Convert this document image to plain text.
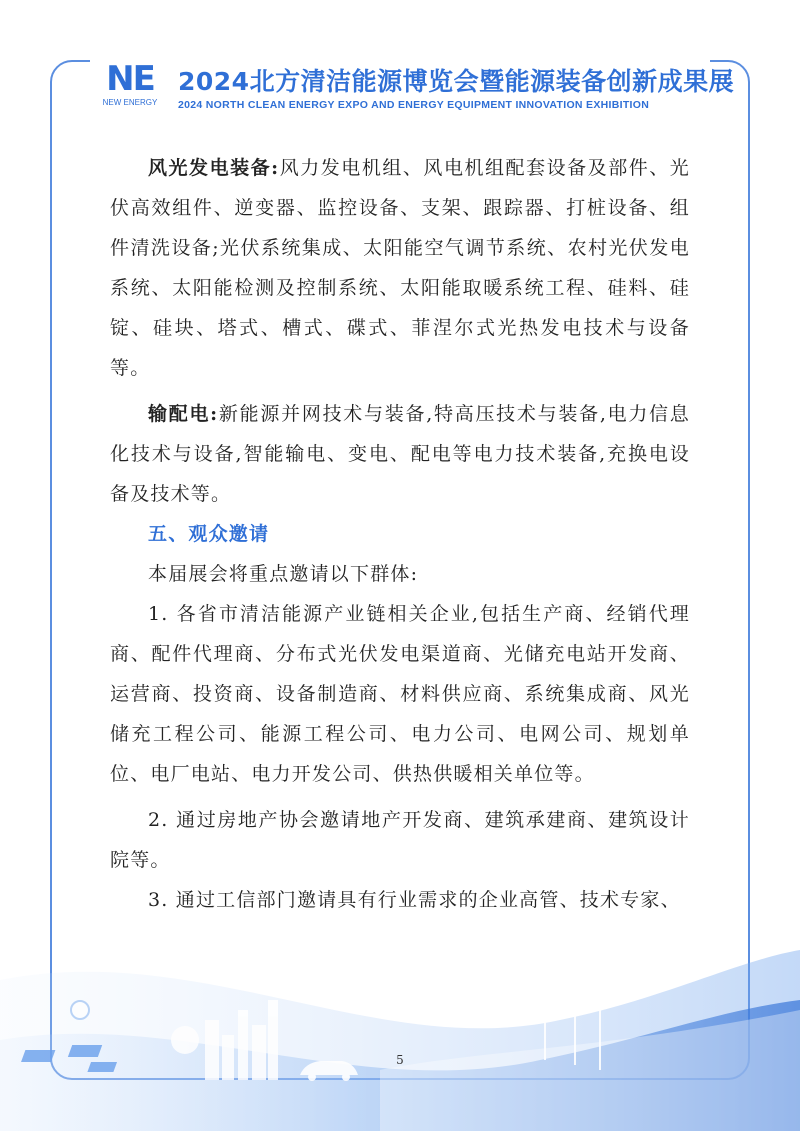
NE
NEW ENERGY
2024北方清洁能源博览会暨能源装备创新成果展
2024 NORTH CLEAN ENERGY EXPO AND ENERGY EQUIPMENT INNOVATION EXHIBITION

风光发电装备:风力发电机组、风电机组配套设备及部件、光伏高效组件、逆变器、监控设备、支架、跟踪器、打桩设备、组件清洗设备;光伏系统集成、太阳能空气调节系统、农村光伏发电系统、太阳能检测及控制系统、太阳能取暖系统工程、硅料、硅锭、硅块、塔式、槽式、碟式、菲涅尔式光热发电技术与设备等。

输配电:新能源并网技术与装备,特高压技术与装备,电力信息化技术与设备,智能输电、变电、配电等电力技术装备,充换电设备及技术等。

五、观众邀请

本届展会将重点邀请以下群体:

1. 各省市清洁能源产业链相关企业,包括生产商、经销代理商、配件代理商、分布式光伏发电渠道商、光储充电站开发商、运营商、投资商、设备制造商、材料供应商、系统集成商、风光储充工程公司、能源工程公司、电力公司、电网公司、规划单位、电厂电站、电力开发公司、供热供暖相关单位等。

2. 通过房地产协会邀请地产开发商、建筑承建商、建筑设计院等。

3. 通过工信部门邀请具有行业需求的企业高管、技术专家、

5
